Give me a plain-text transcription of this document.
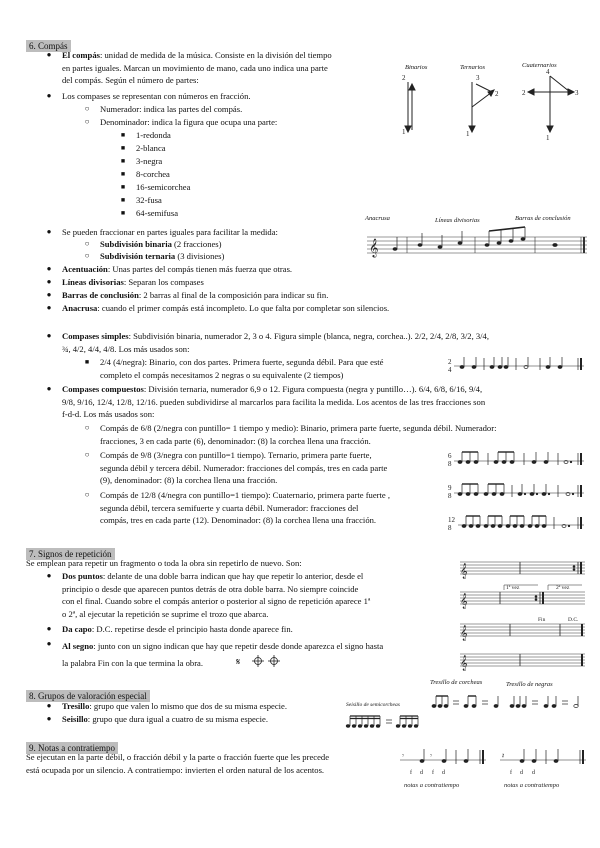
6. Compás
● El compás: unidad de medida de la música. Consiste en la división del tiempo
en partes iguales. Marcan un movimiento de mano, cada uno indica una parte
del compás. Según el número de partes:
● Los compases se representan con números en fracción.
○ Numerador: indica las partes del compás.
○ Denominador: indica la figura que ocupa una parte:
■ 1-redonda
■ 2-blanca
■ 3-negra
■ 8-corchea
■ 16-semicorchea
■ 32-fusa
■ 64-semifusa
● Se pueden fraccionar en partes iguales para facilitar la medida:
○ Subdivisión binaria (2 fracciones)
○ Subdivisión ternaria (3 divisiones)
● Acentuación: Unas partes del compás tienen más fuerza que otras.
● Líneas divisorias: Separan los compases
● Barras de conclusión: 2 barras al final de la composición para indicar su fin.
● Anacrusa: cuando el primer compás está incompleto. Lo que falta por completar son silencios.
● Compases simples: Subdivisión binaria, numerador 2, 3 o 4. Figura simple (blanca, negra, corchea..). 2/2, 2/4, 2/8, 3/2, 3/4,
¾, 4/2, 4/4, 4/8. Los más usados son:
■ 2/4 (4/negra): Binario, con dos partes. Primera fuerte, segunda débil. Para que esté
completo el compás necesitamos 2 negras o su equivalente (2 tiempos)
● Compases compuestos: División ternaria, numerador 6,9 o 12. Figura compuesta (negra y puntillo…). 6/4, 6/8, 6/16, 9/4,
9/8, 9/16, 12/4, 12/8, 12/16. pueden subdividirse al marcarlos para facilita la medida. Los acentos de las tres fracciones son
f-d-d. Los más usados son:
○ Compás de 6/8 (2/negra con puntillo= 1 tiempo y medio): Binario, primera parte fuerte, segunda débil. Numerador:
fracciones, 3 en cada parte (6), denominador: (8) la corchea llena una fracción.
○ Compás de 9/8 (3/negra con puntillo=1 tiempo). Ternario, primera parte fuerte,
segunda débil y tercera débil. Numerador: fracciones del compás, tres en cada parte
(9), denominador: (8) la corchea llena una fracción.
○ Compás de 12/8 (4/negra con puntillo=1 tiempo): Cuaternario, primera parte fuerte ,
segunda débil, tercera semifuerte y cuarta débil. Numerador: fracciones del
compás, tres en cada parte (12). Denominador: (8) la corchea llena una fracción.
Binarios	Ternarios	Cuaternarios
2
1
3
2
1
4
2	3
1
Anacrusa	Líneas divisorias	Barras de conclusión
𝄞
2
4
6
8
9
8
12
8
7. Signos de repetición
Se emplean para repetir un fragmento o toda la obra sin repetirlo de nuevo. Son:
● Dos puntos: delante de una doble barra indican que hay que repetir lo anterior, desde el
principio o desde que aparecen puntos detrás de otra doble barra. No siempre coincide
con el final. Cuando sobre el compás anterior o posterior al signo de repetición aparece 1ª
o 2ª, al ejecutar la repetición se suprime el trozo que abarca.
● Da capo: D.C. repetirse desde el principio hasta donde aparece fin.
● Al segno: junto con un signo indican que hay que repetir desde donde aparezca el signo hasta
la palabra Fin con la que termina la obra.	𝄋
1ª vez	2ª vez
Fin	D.C.
𝄞
𝄞
𝄞
𝄞
8. Grupos de valoración especial
● Tresillo: grupo que valen lo mismo que dos de su misma especie.
● Seisillo: grupo que dura igual a cuatro de su misma especie.
Tresillo de corcheas	Tresillo de negras
Seisillo de semicorcheas
9. Notas a contratiempo
Se ejecutan en la parte débil, o fracción débil y la parte o fracción fuerte que les precede
está ocupada por un silencio. A contratiempo: invierten el orden natural de los acentos.
𝄾	𝄾	𝄽
f d f d	f d d
notas a contratiempo	notas a contratiempo
